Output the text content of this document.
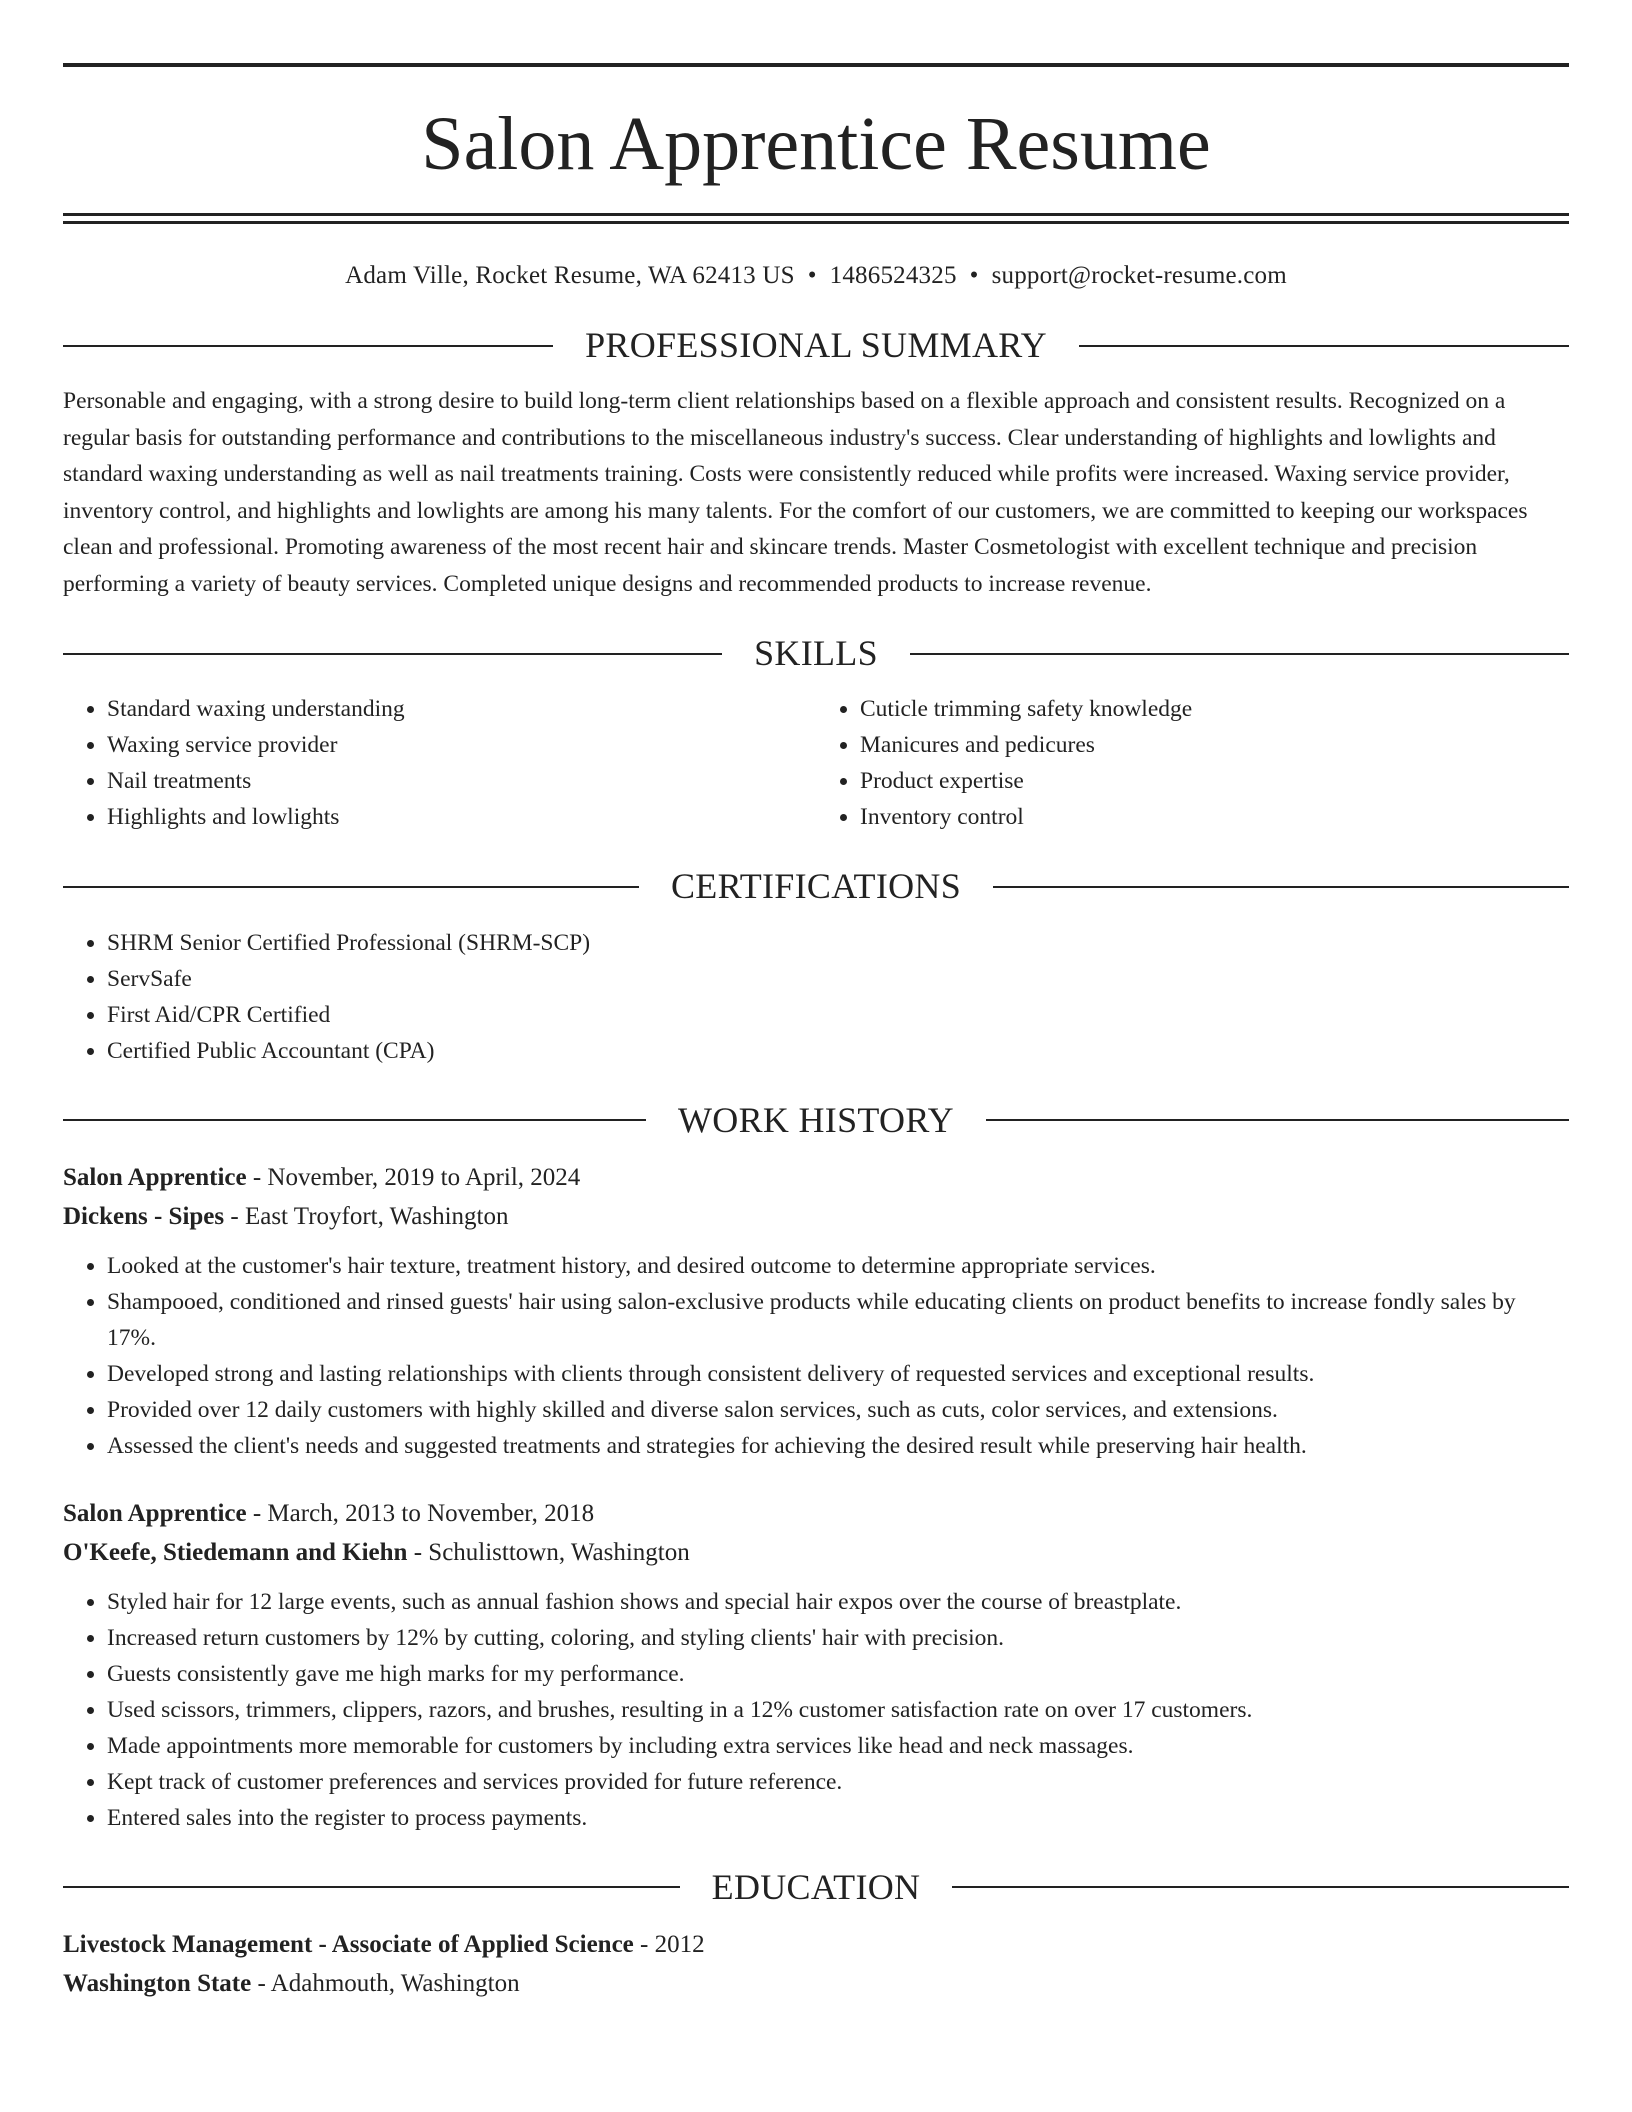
Salon Apprentice Resume
Adam Ville, Rocket Resume, WA 62413 US • 1486524325 • support@rocket-resume.com
PROFESSIONAL SUMMARY

Personable and engaging, with a strong desire to build long-term client relationships based on a flexible approach and consistent results. Recognized on a regular basis for outstanding performance and contributions to the miscellaneous industry's success. Clear understanding of highlights and lowlights and standard waxing understanding as well as nail treatments training. Costs were consistently reduced while profits were increased. Waxing service provider, inventory control, and highlights and lowlights are among his many talents. For the comfort of our customers, we are committed to keeping our workspaces clean and professional. Promoting awareness of the most recent hair and skincare trends. Master Cosmetologist with excellent technique and precision performing a variety of beauty services. Completed unique designs and recommended products to increase revenue.

SKILLS
• Standard waxing understanding
• Waxing service provider
• Nail treatments
• Highlights and lowlights
• Cuticle trimming safety knowledge
• Manicures and pedicures
• Product expertise
• Inventory control
CERTIFICATIONS
• SHRM Senior Certified Professional (SHRM-SCP)
• ServSafe
• First Aid/CPR Certified
• Certified Public Accountant (CPA)
WORK HISTORY
Salon Apprentice - November, 2019 to April, 2024
Dickens - Sipes - East Troyfort, Washington
• Looked at the customer's hair texture, treatment history, and desired outcome to determine appropriate services.
• Shampooed, conditioned and rinsed guests' hair using salon-exclusive products while educating clients on product benefits to increase fondly sales by 17%.
• Developed strong and lasting relationships with clients through consistent delivery of requested services and exceptional results.
• Provided over 12 daily customers with highly skilled and diverse salon services, such as cuts, color services, and extensions.
• Assessed the client's needs and suggested treatments and strategies for achieving the desired result while preserving hair health.
Salon Apprentice - March, 2013 to November, 2018
O'Keefe, Stiedemann and Kiehn - Schulisttown, Washington
• Styled hair for 12 large events, such as annual fashion shows and special hair expos over the course of breastplate.
• Increased return customers by 12% by cutting, coloring, and styling clients' hair with precision.
• Guests consistently gave me high marks for my performance.
• Used scissors, trimmers, clippers, razors, and brushes, resulting in a 12% customer satisfaction rate on over 17 customers.
• Made appointments more memorable for customers by including extra services like head and neck massages.
• Kept track of customer preferences and services provided for future reference.
• Entered sales into the register to process payments.
EDUCATION
Livestock Management - Associate of Applied Science - 2012
Washington State - Adahmouth, Washington
